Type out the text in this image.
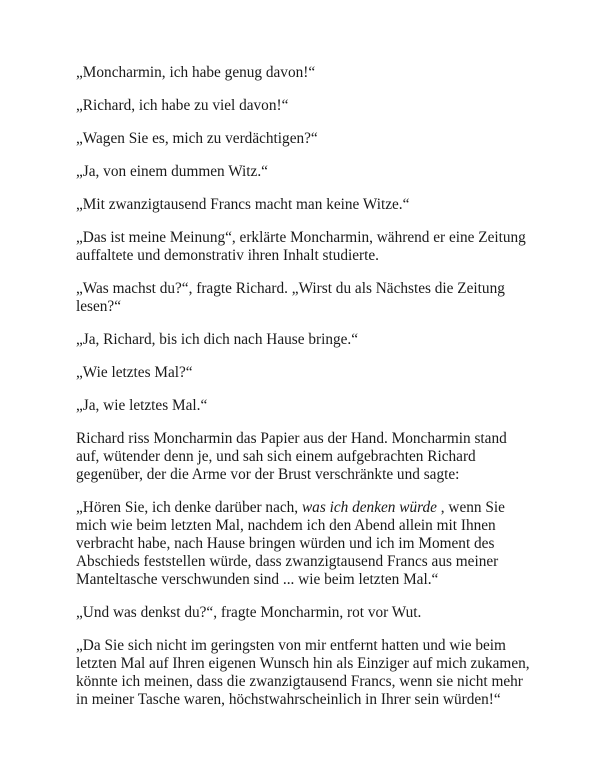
„Moncharmin, ich habe genug davon!“

„Richard, ich habe zu viel davon!“

„Wagen Sie es, mich zu verdächtigen?“

„Ja, von einem dummen Witz.“

„Mit zwanzigtausend Francs macht man keine Witze.“

„Das ist meine Meinung“, erklärte Moncharmin, während er eine Zeitung auffaltete und demonstrativ ihren Inhalt studierte.

„Was machst du?“, fragte Richard. „Wirst du als Nächstes die Zeitung lesen?“

„Ja, Richard, bis ich dich nach Hause bringe.“

„Wie letztes Mal?“

„Ja, wie letztes Mal.“

Richard riss Moncharmin das Papier aus der Hand. Moncharmin stand auf, wütender denn je, und sah sich einem aufgebrachten Richard gegenüber, der die Arme vor der Brust verschränkte und sagte:

„Hören Sie, ich denke darüber nach, was ich denken würde , wenn Sie mich wie beim letzten Mal, nachdem ich den Abend allein mit Ihnen verbracht habe, nach Hause bringen würden und ich im Moment des Abschieds feststellen würde, dass zwanzigtausend Francs aus meiner Manteltasche verschwunden sind ... wie beim letzten Mal.“

„Und was denkst du?“, fragte Moncharmin, rot vor Wut.

„Da Sie sich nicht im geringsten von mir entfernt hatten und wie beim letzten Mal auf Ihren eigenen Wunsch hin als Einziger auf mich zukamen, könnte ich meinen, dass die zwanzigtausend Francs, wenn sie nicht mehr in meiner Tasche waren, höchstwahrscheinlich in Ihrer sein würden!“
